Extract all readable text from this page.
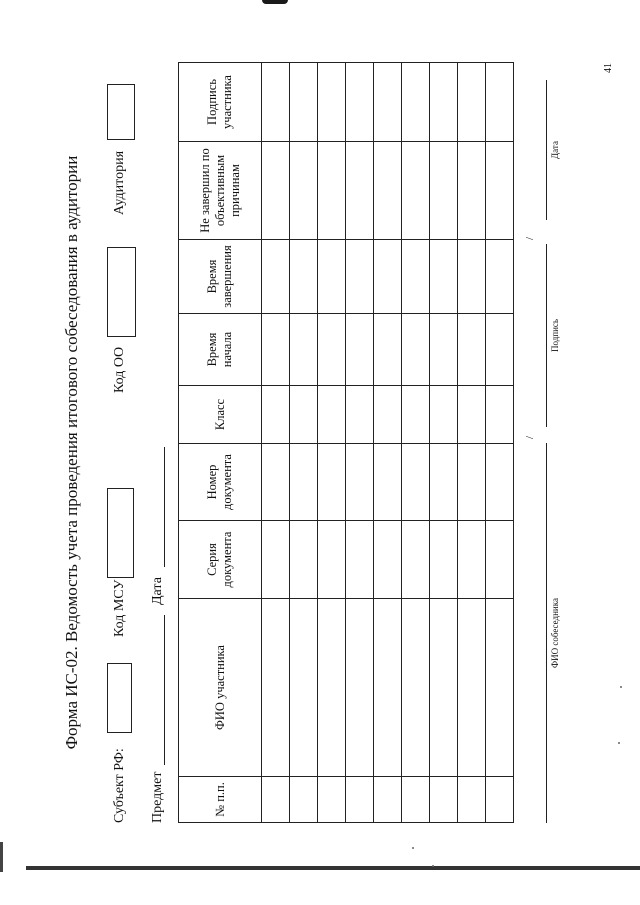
Форма ИС-02. Ведомость учета проведения итогового собеседования в аудитории
Субъект РФ:
Код МСУ
Код ОО
Аудитория
Предмет
Дата
№ п.п.	ФИО участника	Серия документа	Номер документа	Класс	Время начала	Время завершения	Не завершил по объективным причинам	Подпись участника

/
/
ФИО собеседника
Подпись
Дата
41
